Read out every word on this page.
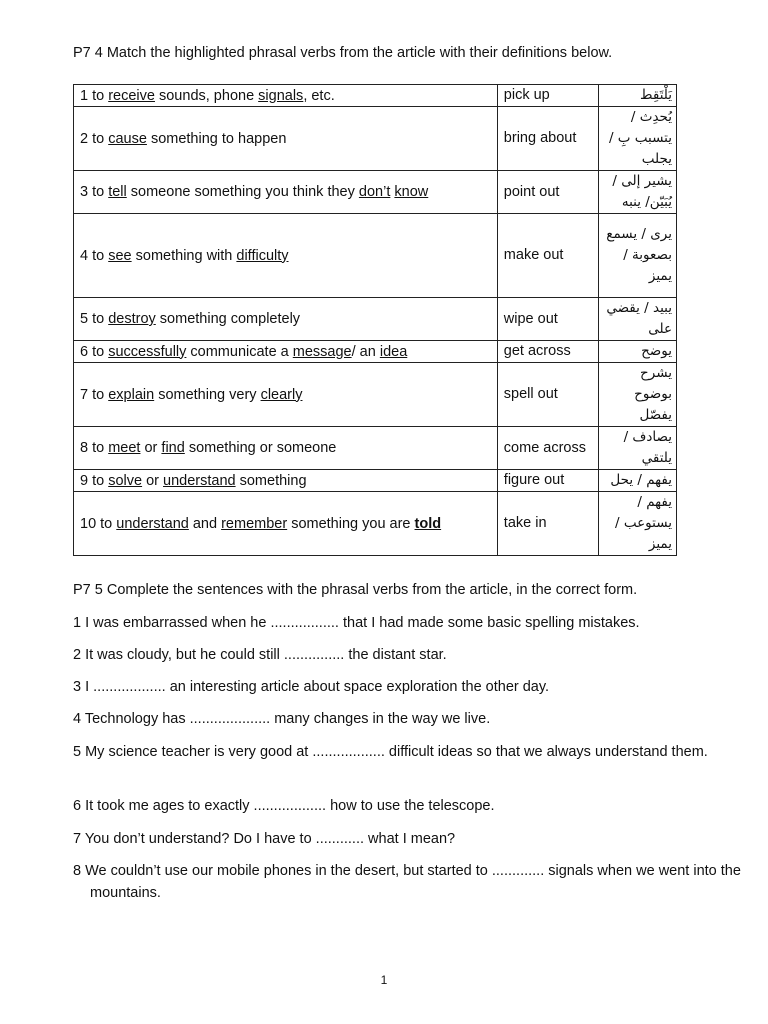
P7 4 Match the highlighted phrasal verbs from the article with their definitions below.

1 to receive sounds, phone signals, etc.	pick up	يَلْتَقِط

2 to cause something to happen	bring about	يُحدِث / يتسبب بِ / يجلب

3 to tell someone something you think they don’t know	point out	يشير إلى / يُبَيّن/ ينبه

4 to see something with difficulty	make out	يرى / يسمع بصعوبة / يميز

5 to destroy something completely	wipe out	يبيد / يقضي على

6 to successfully communicate a message/ an idea	get across	يوضح

7 to explain something very clearly	spell out	يشرح بوضوح يفصّل

8 to meet or find something or someone	come across	يصادف / يلتقي

9 to solve or understand something	figure out	يفهم / يحل

10 to understand and remember something you are told	take in	يفهم / يستوعب / يميز

P7 5 Complete the sentences with the phrasal verbs from the article, in the correct form.

1 I was embarrassed when he ................. that I had made some basic spelling mistakes.

2 It was cloudy, but he could still ............... the distant star.

3 I .................. an interesting article about space exploration the other day.

4 Technology has .................... many changes in the way we live.

5 My science teacher is very good at .................. difficult ideas so that we always understand them.

6 It took me ages to exactly .................. how to use the telescope.

7 You don’t understand? Do I have to ............ what I mean?

8 We couldn’t use our mobile phones in the desert, but started to ............. signals when we went into the mountains.

1
